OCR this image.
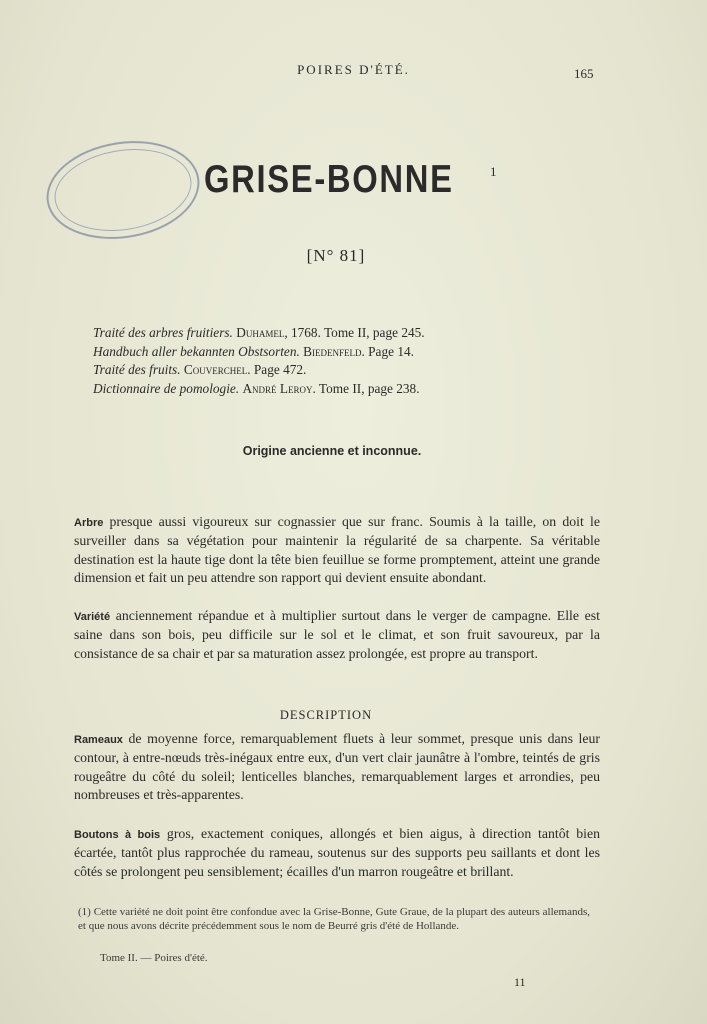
POIRES D'ÉTÉ.	165
GRISE-BONNE	1
[N° 81]
Traité des arbres fruitiers. Duhamel, 1768. Tome II, page 245.
Handbuch aller bekannten Obstsorten. Biedenfeld. Page 14.
Traité des fruits. Couverchel. Page 472.
Dictionnaire de pomologie. André Leroy. Tome II, page 238.
Origine ancienne et inconnue.
Arbre presque aussi vigoureux sur cognassier que sur franc. Soumis à la taille, on doit le surveiller dans sa végétation pour maintenir la régularité de sa charpente. Sa véritable destination est la haute tige dont la tête bien feuillue se forme promptement, atteint une grande dimension et fait un peu attendre son rapport qui devient ensuite abondant.
Variété anciennement répandue et à multiplier surtout dans le verger de campagne. Elle est saine dans son bois, peu difficile sur le sol et le climat, et son fruit savoureux, par la consistance de sa chair et par sa maturation assez prolongée, est propre au transport.
DESCRIPTION
Rameaux de moyenne force, remarquablement fluets à leur sommet, presque unis dans leur contour, à entre-nœuds très-inégaux entre eux, d'un vert clair jaunâtre à l'ombre, teintés de gris rougeâtre du côté du soleil; lenticelles blanches, remarquablement larges et arrondies, peu nombreuses et très-apparentes.
Boutons à bois gros, exactement coniques, allongés et bien aigus, à direction tantôt bien écartée, tantôt plus rapprochée du rameau, soutenus sur des supports peu saillants et dont les côtés se prolongent peu sensiblement; écailles d'un marron rougeâtre et brillant.
(1) Cette variété ne doit point être confondue avec la Grise-Bonne, Gute Graue, de la plupart des auteurs allemands, et que nous avons décrite précédemment sous le nom de Beurré gris d'été de Hollande.
Tome II. — Poires d'été.
11
